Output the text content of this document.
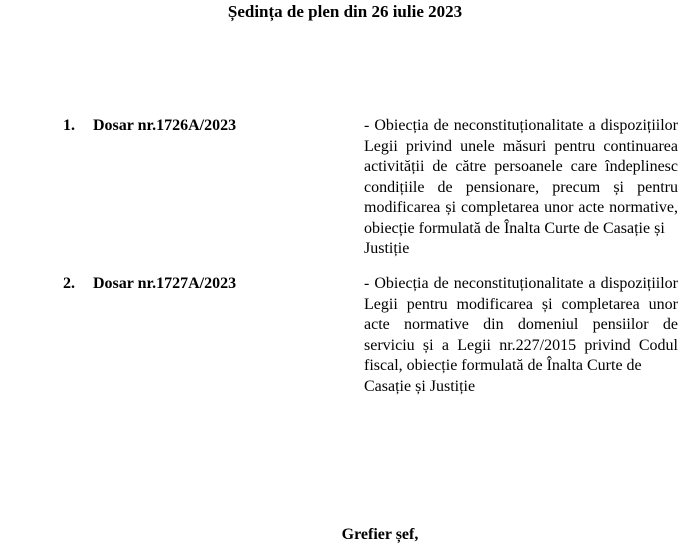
Ședința de plen din 26 iulie 2023
1. Dosar nr.1726A/2023	- Obiecția de neconstituționalitate a dispozițiilor Legii privind unele măsuri pentru continuarea activității de către persoanele care îndeplinesc condițiile de pensionare, precum și pentru modificarea și completarea unor acte normative, obiecție formulată de Înalta Curte de Casație și
Justiție

2. Dosar nr.1727A/2023	- Obiecția de neconstituționalitate a dispozițiilor Legii pentru modificarea și completarea unor acte normative din domeniul pensiilor de serviciu și a Legii nr.227/2015 privind Codul fiscal, obiecție formulată de Înalta Curte de
Casație și Justiție

Grefier șef,
